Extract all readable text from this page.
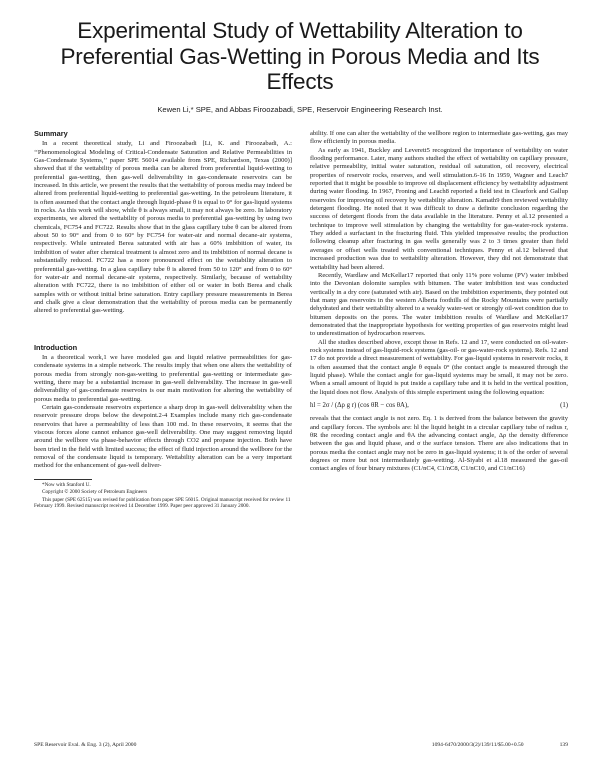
Experimental Study of Wettability Alteration to Preferential Gas-Wetting in Porous Media and Its Effects
Kewen Li,* SPE, and Abbas Firoozabadi, SPE, Reservoir Engineering Research Inst.
Summary

In a recent theoretical study, Li and Firoozabadi [Li, K. and Firoozabadi, A.: ‘‘Phenomenological Modeling of Critical-Condensate Saturation and Relative Permeabilities in Gas-Condensate Systems,’’ paper SPE 56014 available from SPE, Richardson, Texas (2000)] showed that if the wettability of porous media can be altered from preferential liquid-wetting to preferential gas-wetting, then gas-well deliverability in gas-condensate reservoirs can be increased. In this article, we present the results that the wettability of porous media may indeed be altered from preferential liquid-wetting to preferential gas-wetting. In the petroleum literature, it is often assumed that the contact angle through liquid-phase θ is equal to 0° for gas-liquid systems in rocks. As this work will show, while θ is always small, it may not always be zero. In laboratory experiments, we altered the wettability of porous media to preferential gas-wetting by using two chemicals, FC754 and FC722. Results show that in the glass capillary tube θ can be altered from about 50 to 90° and from 0 to 60° by FC754 for water-air and normal decane-air systems, respectively. While untreated Berea saturated with air has a 60% imbibition of water, its imbibition of water after chemical treatment is almost zero and its imbibition of normal decane is substantially reduced. FC722 has a more pronounced effect on the wettability alteration to preferential gas-wetting. In a glass capillary tube θ is altered from 50 to 120° and from 0 to 60° for water-air and normal decane-air systems, respectively. Similarly, because of wettability alteration with FC722, there is no imbibition of either oil or water in both Berea and chalk samples with or without initial brine saturation. Entry capillary pressure measurements in Berea and chalk give a clear demonstration that the wettability of porous media can be permanently altered to preferential gas-wetting.

Introduction

In a theoretical work,1 we have modeled gas and liquid relative permeabilities for gas-condensate systems in a simple network. The results imply that when one alters the wettability of porous media from strongly non-gas-wetting to preferential gas-wetting or intermediate gas-wetting, there may be a substantial increase in gas-well deliverability. The increase in gas-well deliverability of gas-condensate reservoirs is our main motivation for altering the wettability of porous media to preferential gas-wetting.

Certain gas-condensate reservoirs experience a sharp drop in gas-well deliverability when the reservoir pressure drops below the dewpoint.2-4 Examples include many rich gas-condensate reservoirs that have a permeability of less than 100 md. In these reservoirs, it seems that the viscous forces alone cannot enhance gas-well deliverability. One may suggest removing liquid around the wellbore via phase-behavior effects through CO2 and propane injection. Both have been tried in the field with limited success; the effect of fluid injection around the wellbore for the removal of the condensate liquid is temporary. Wettability alteration can be a very important method for the enhancement of gas-well deliver-

*Now with Stanford U.

Copyright © 2000 Society of Petroleum Engineers

This paper (SPE 62515) was revised for publication from paper SPE 56015. Original manuscript received for review 11 February 1999. Revised manuscript received 14 December 1999. Paper peer approved 31 January 2000.

ability. If one can alter the wettability of the wellbore region to intermediate gas-wetting, gas may flow efficiently in porous media.

As early as 1941, Buckley and Leverett5 recognized the importance of wettability on water flooding performance. Later, many authors studied the effect of wettability on capillary pressure, relative permeability, initial water saturation, residual oil saturation, oil recovery, electrical properties of reservoir rocks, reserves, and well stimulation.6-16 In 1959, Wagner and Leach7 reported that it might be possible to improve oil displacement efficiency by wettability adjustment during water flooding. In 1967, Froning and Leach8 reported a field test in Clearfork and Gallup reservoirs for improving oil recovery by wettability alteration. Kamath9 then reviewed wettability detergent flooding. He noted that it was difficult to draw a definite conclusion regarding the success of detergent floods from the data available in the literature. Penny et al.12 presented a technique to improve well stimulation by changing the wettability for gas-water-rock systems. They added a surfactant in the fracturing fluid. This yielded impressive results; the production following cleanup after fracturing in gas wells generally was 2 to 3 times greater than field averages or offset wells treated with conventional techniques. Penny et al.12 believed that increased production was due to wettability alteration. However, they did not demonstrate that wettability had been altered.

Recently, Wardlaw and McKellar17 reported that only 11% pore volume (PV) water imbibed into the Devonian dolomite samples with bitumen. The water imbibition test was conducted vertically in a dry core (saturated with air). Based on the imbibition experiments, they pointed out that many gas reservoirs in the western Alberta foothills of the Rocky Mountains were partially dehydrated and their wettability altered to a weakly water-wet or strongly oil-wet condition due to bitumen deposits on the pores. The water imbibition results of Wardlaw and McKellar17 demonstrated that the inappropriate hypothesis for wetting properties of gas reservoirs might lead to underestimation of hydrocarbon reserves.

All the studies described above, except those in Refs. 12 and 17, were conducted on oil-water-rock systems instead of gas-liquid-rock systems (gas-oil- or gas-water-rock systems). Refs. 12 and 17 do not provide a direct measurement of wettability. For gas-liquid systems in reservoir rocks, it is often assumed that the contact angle θ equals 0° (the contact angle is measured through the liquid phase). While the contact angle for gas-liquid systems may be small, it may not be zero. When a small amount of liquid is put inside a capillary tube and it is held in the vertical position, the liquid does not flow. Analysis of this simple experiment using the following equation:

hl = 2σ / (Δρ g r) (cos θR − cos θA),	(1)

reveals that the contact angle is not zero. Eq. 1 is derived from the balance between the gravity and capillary forces. The symbols are: hl the liquid height in a circular capillary tube of radius r, θR the receding contact angle and θA the advancing contact angle, Δρ the density difference between the gas and liquid phase, and σ the surface tension. There are also indications that in porous media the contact angle may not be zero in gas-liquid systems; it is of the order of several degrees or more but not intermediately gas-wetting. Al-Siyabi et al.18 measured the gas-oil contact angles of four binary mixtures (C1/nC4, C1/nC8, C1/nC10, and C1/nC16)

SPE Reservoir Eval. & Eng. 3 (2), April 2000	1094-6470/2000/3(2)/139/11/$5.00+0.50	139
